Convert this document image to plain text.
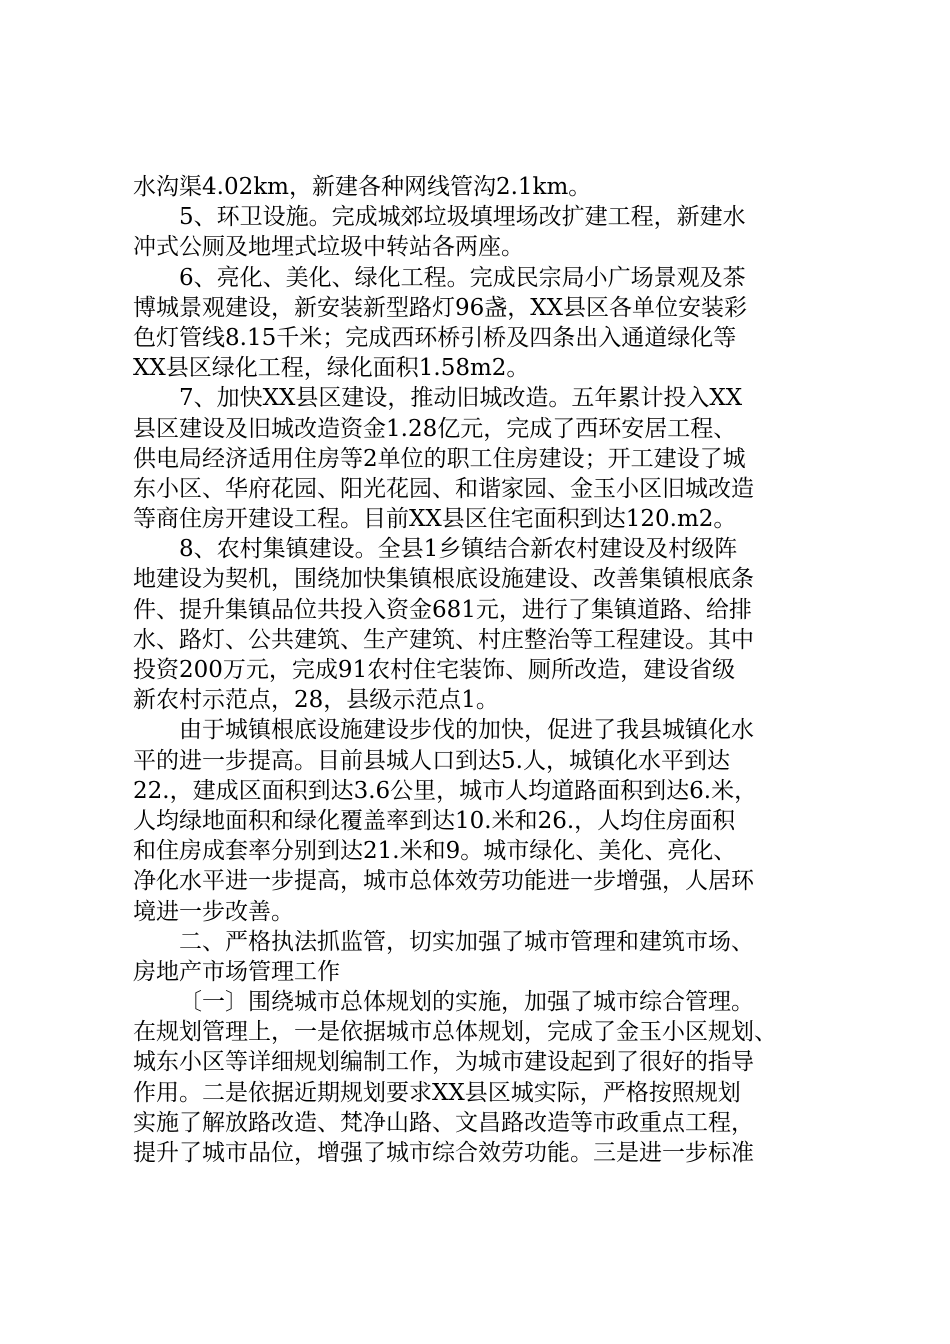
水沟渠4.02km，新建各种网线管沟2.1km。
5、环卫设施。完成城郊垃圾填埋场改扩建工程，新建水
冲式公厕及地埋式垃圾中转站各两座。
6、亮化、美化、绿化工程。完成民宗局小广场景观及茶
博城景观建设，新安装新型路灯96盏，XX县区各单位安装彩
色灯管线8.15千米；完成西环桥引桥及四条出入通道绿化等
XX县区绿化工程，绿化面积1.58m2。
7、加快XX县区建设，推动旧城改造。五年累计投入XX
县区建设及旧城改造资金1.28亿元，完成了西环安居工程、
供电局经济适用住房等2单位的职工住房建设；开工建设了城
东小区、华府花园、阳光花园、和谐家园、金玉小区旧城改造
等商住房开建设工程。目前XX县区住宅面积到达120.m2。
8、农村集镇建设。全县1乡镇结合新农村建设及村级阵
地建设为契机，围绕加快集镇根底设施建设、改善集镇根底条
件、提升集镇品位共投入资金681元，进行了集镇道路、给排
水、路灯、公共建筑、生产建筑、村庄整治等工程建设。其中
投资200万元，完成91农村住宅装饰、厕所改造，建设省级
新农村示范点，28，县级示范点1。
由于城镇根底设施建设步伐的加快，促进了我县城镇化水
平的进一步提高。目前县城人口到达5.人，城镇化水平到达
22.，建成区面积到达3.6公里，城市人均道路面积到达6.米，
人均绿地面积和绿化覆盖率到达10.米和26.，人均住房面积
和住房成套率分别到达21.米和9。城市绿化、美化、亮化、
净化水平进一步提高，城市总体效劳功能进一步增强，人居环
境进一步改善。
二、严格执法抓监管，切实加强了城市管理和建筑市场、
房地产市场管理工作
〔一〕围绕城市总体规划的实施，加强了城市综合管理。
在规划管理上，一是依据城市总体规划，完成了金玉小区规划、
城东小区等详细规划编制工作，为城市建设起到了很好的指导
作用。二是依据近期规划要求XX县区城实际，严格按照规划
实施了解放路改造、梵净山路、文昌路改造等市政重点工程，
提升了城市品位，增强了城市综合效劳功能。三是进一步标准
